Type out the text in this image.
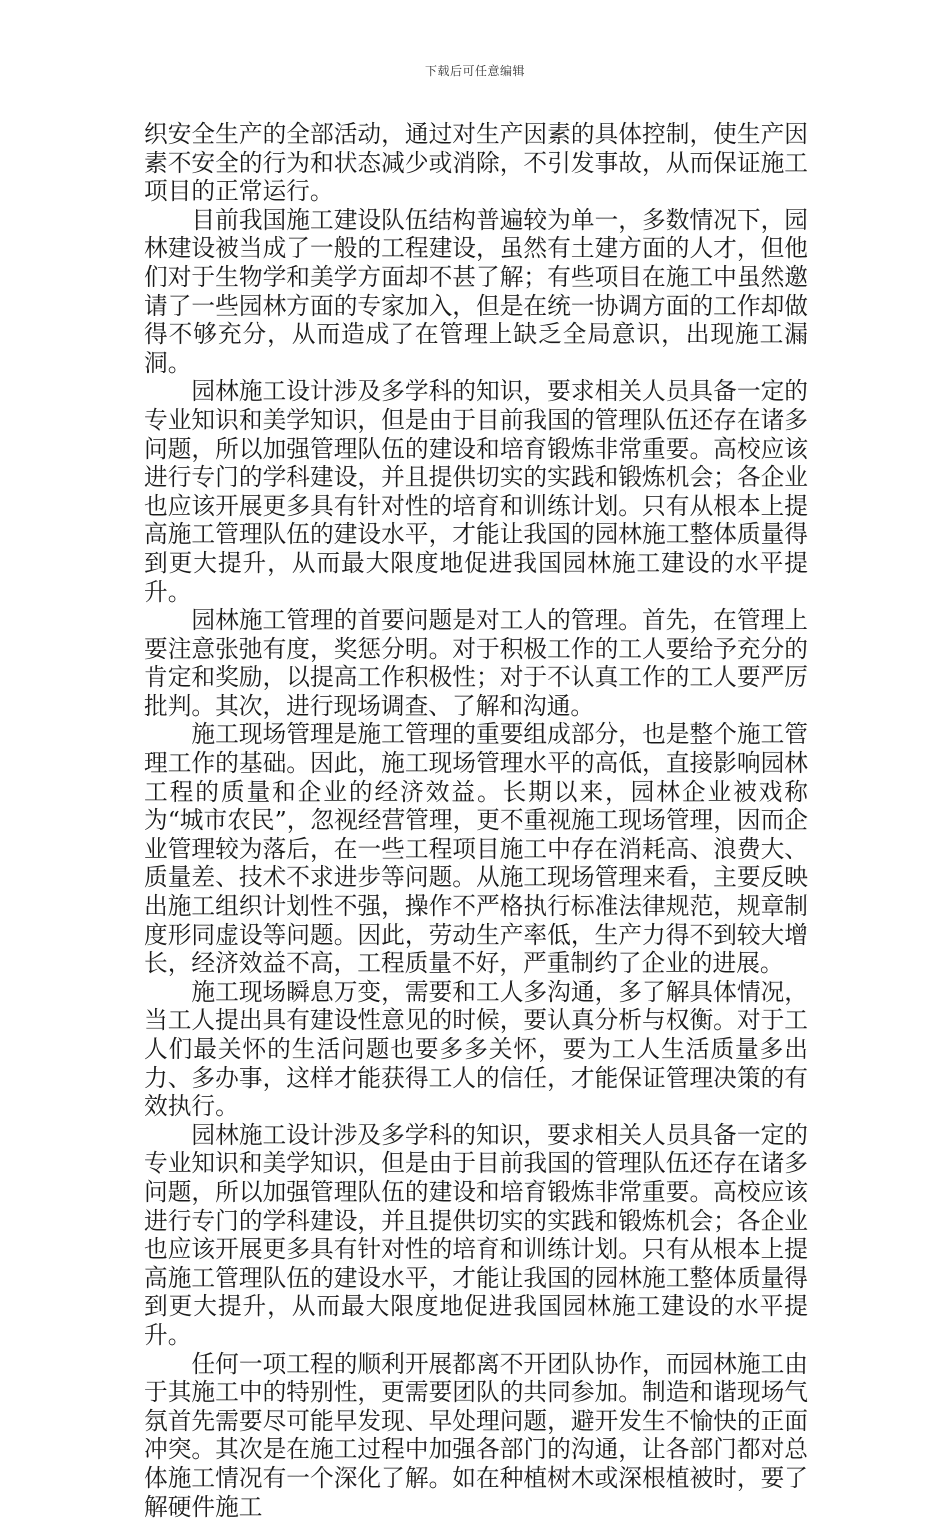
下载后可任意编辑

织安全生产的全部活动，通过对生产因素的具体控制，使生产因素不安全的行为和状态减少或消除，不引发事故，从而保证施工项目的正常运行。

目前我国施工建设队伍结构普遍较为单一，多数情况下，园林建设被当成了一般的工程建设，虽然有土建方面的人才，但他们对于生物学和美学方面却不甚了解；有些项目在施工中虽然邀请了一些园林方面的专家加入，但是在统一协调方面的工作却做得不够充分，从而造成了在管理上缺乏全局意识，出现施工漏洞。

园林施工设计涉及多学科的知识，要求相关人员具备一定的专业知识和美学知识，但是由于目前我国的管理队伍还存在诸多问题，所以加强管理队伍的建设和培育锻炼非常重要。高校应该进行专门的学科建设，并且提供切实的实践和锻炼机会；各企业也应该开展更多具有针对性的培育和训练计划。只有从根本上提高施工管理队伍的建设水平，才能让我国的园林施工整体质量得到更大提升，从而最大限度地促进我国园林施工建设的水平提升。

园林施工管理的首要问题是对工人的管理。首先，在管理上要注意张弛有度，奖惩分明。对于积极工作的工人要给予充分的肯定和奖励，以提高工作积极性；对于不认真工作的工人要严厉批判。其次，进行现场调查、了解和沟通。

施工现场管理是施工管理的重要组成部分，也是整个施工管理工作的基础。因此，施工现场管理水平的高低，直接影响园林工程的质量和企业的经济效益。长期以来，园林企业被戏称为“城市农民”，忽视经营管理，更不重视施工现场管理，因而企业管理较为落后，在一些工程项目施工中存在消耗高、浪费大、质量差、技术不求进步等问题。从施工现场管理来看，主要反映出施工组织计划性不强，操作不严格执行标准法律规范，规章制度形同虚设等问题。因此，劳动生产率低，生产力得不到较大增长，经济效益不高，工程质量不好，严重制约了企业的进展。

施工现场瞬息万变，需要和工人多沟通，多了解具体情况，当工人提出具有建设性意见的时候，要认真分析与权衡。对于工人们最关怀的生活问题也要多多关怀，要为工人生活质量多出力、多办事，这样才能获得工人的信任，才能保证管理决策的有效执行。

园林施工设计涉及多学科的知识，要求相关人员具备一定的专业知识和美学知识，但是由于目前我国的管理队伍还存在诸多问题，所以加强管理队伍的建设和培育锻炼非常重要。高校应该进行专门的学科建设，并且提供切实的实践和锻炼机会；各企业也应该开展更多具有针对性的培育和训练计划。只有从根本上提高施工管理队伍的建设水平，才能让我国的园林施工整体质量得到更大提升，从而最大限度地促进我国园林施工建设的水平提升。

任何一项工程的顺利开展都离不开团队协作，而园林施工由于其施工中的特别性，更需要团队的共同参加。制造和谐现场气氛首先需要尽可能早发现、早处理问题，避开发生不愉快的正面冲突。其次是在施工过程中加强各部门的沟通，让各部门都对总体施工情况有一个深化了解。如在种植树木或深根植被时，要了解硬件施工
